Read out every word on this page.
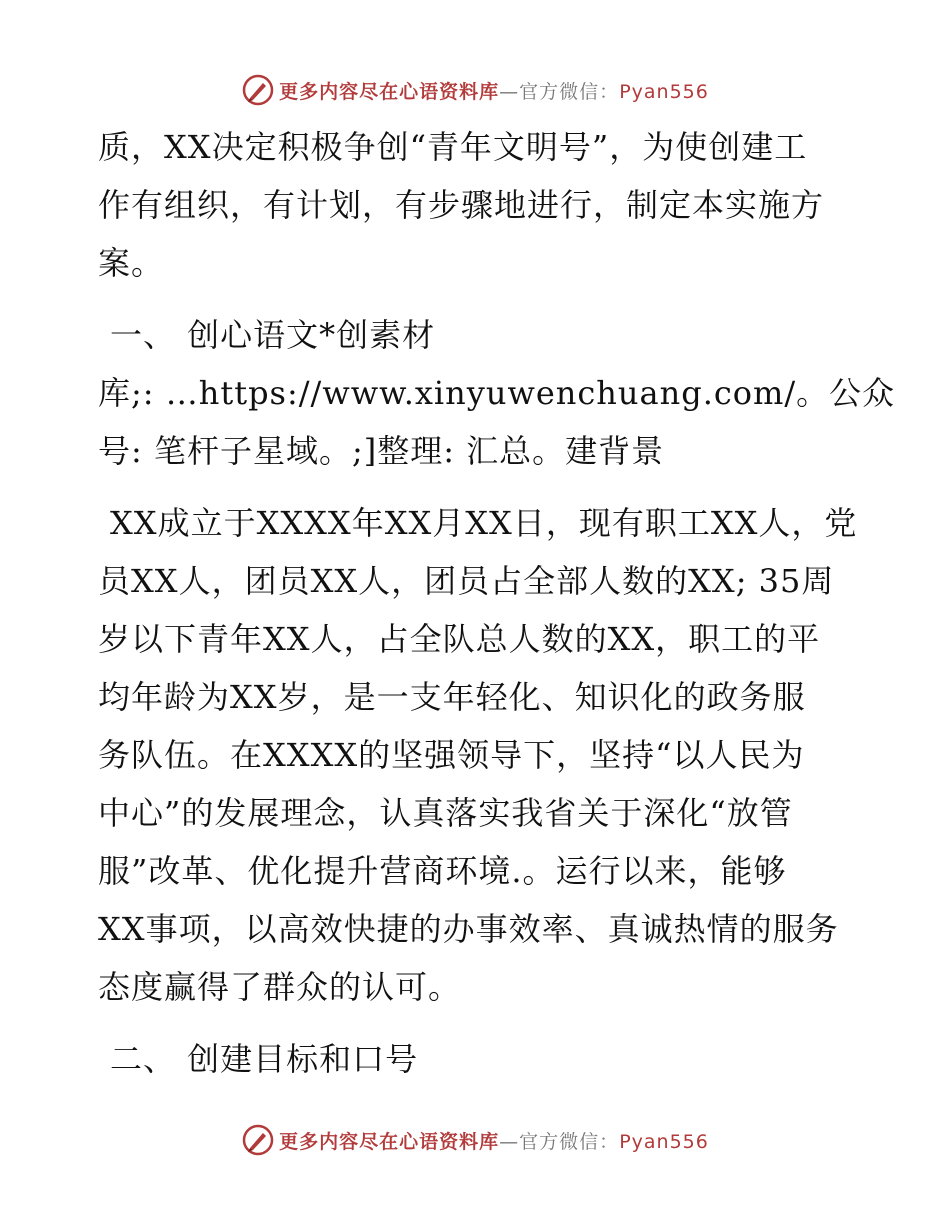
更多内容尽在心语资料库—官方微信：Pyan556
质，XX决定积极争创“青年文明号”，为使创建工
作有组织，有计划，有步骤地进行，制定本实施方
案。
一、 创心语文*创素材
库;: …https://www.xinyuwenchuang.com/。公众
号: 笔杆子星域。;]整理: 汇总。建背景
XX成立于XXXX年XX月XX日，现有职工XX人，党
员XX人，团员XX人，团员占全部人数的XX; 35周
岁以下青年XX人，占全队总人数的XX，职工的平
均年龄为XX岁，是一支年轻化、知识化的政务服
务队伍。在XXXX的坚强领导下，坚持“以人民为
中心”的发展理念，认真落实我省关于深化“放管
服”改革、优化提升营商环境.。运行以来，能够
XX事项，以高效快捷的办事效率、真诚热情的服务
态度赢得了群众的认可。
二、 创建目标和口号
更多内容尽在心语资料库—官方微信：Pyan556
